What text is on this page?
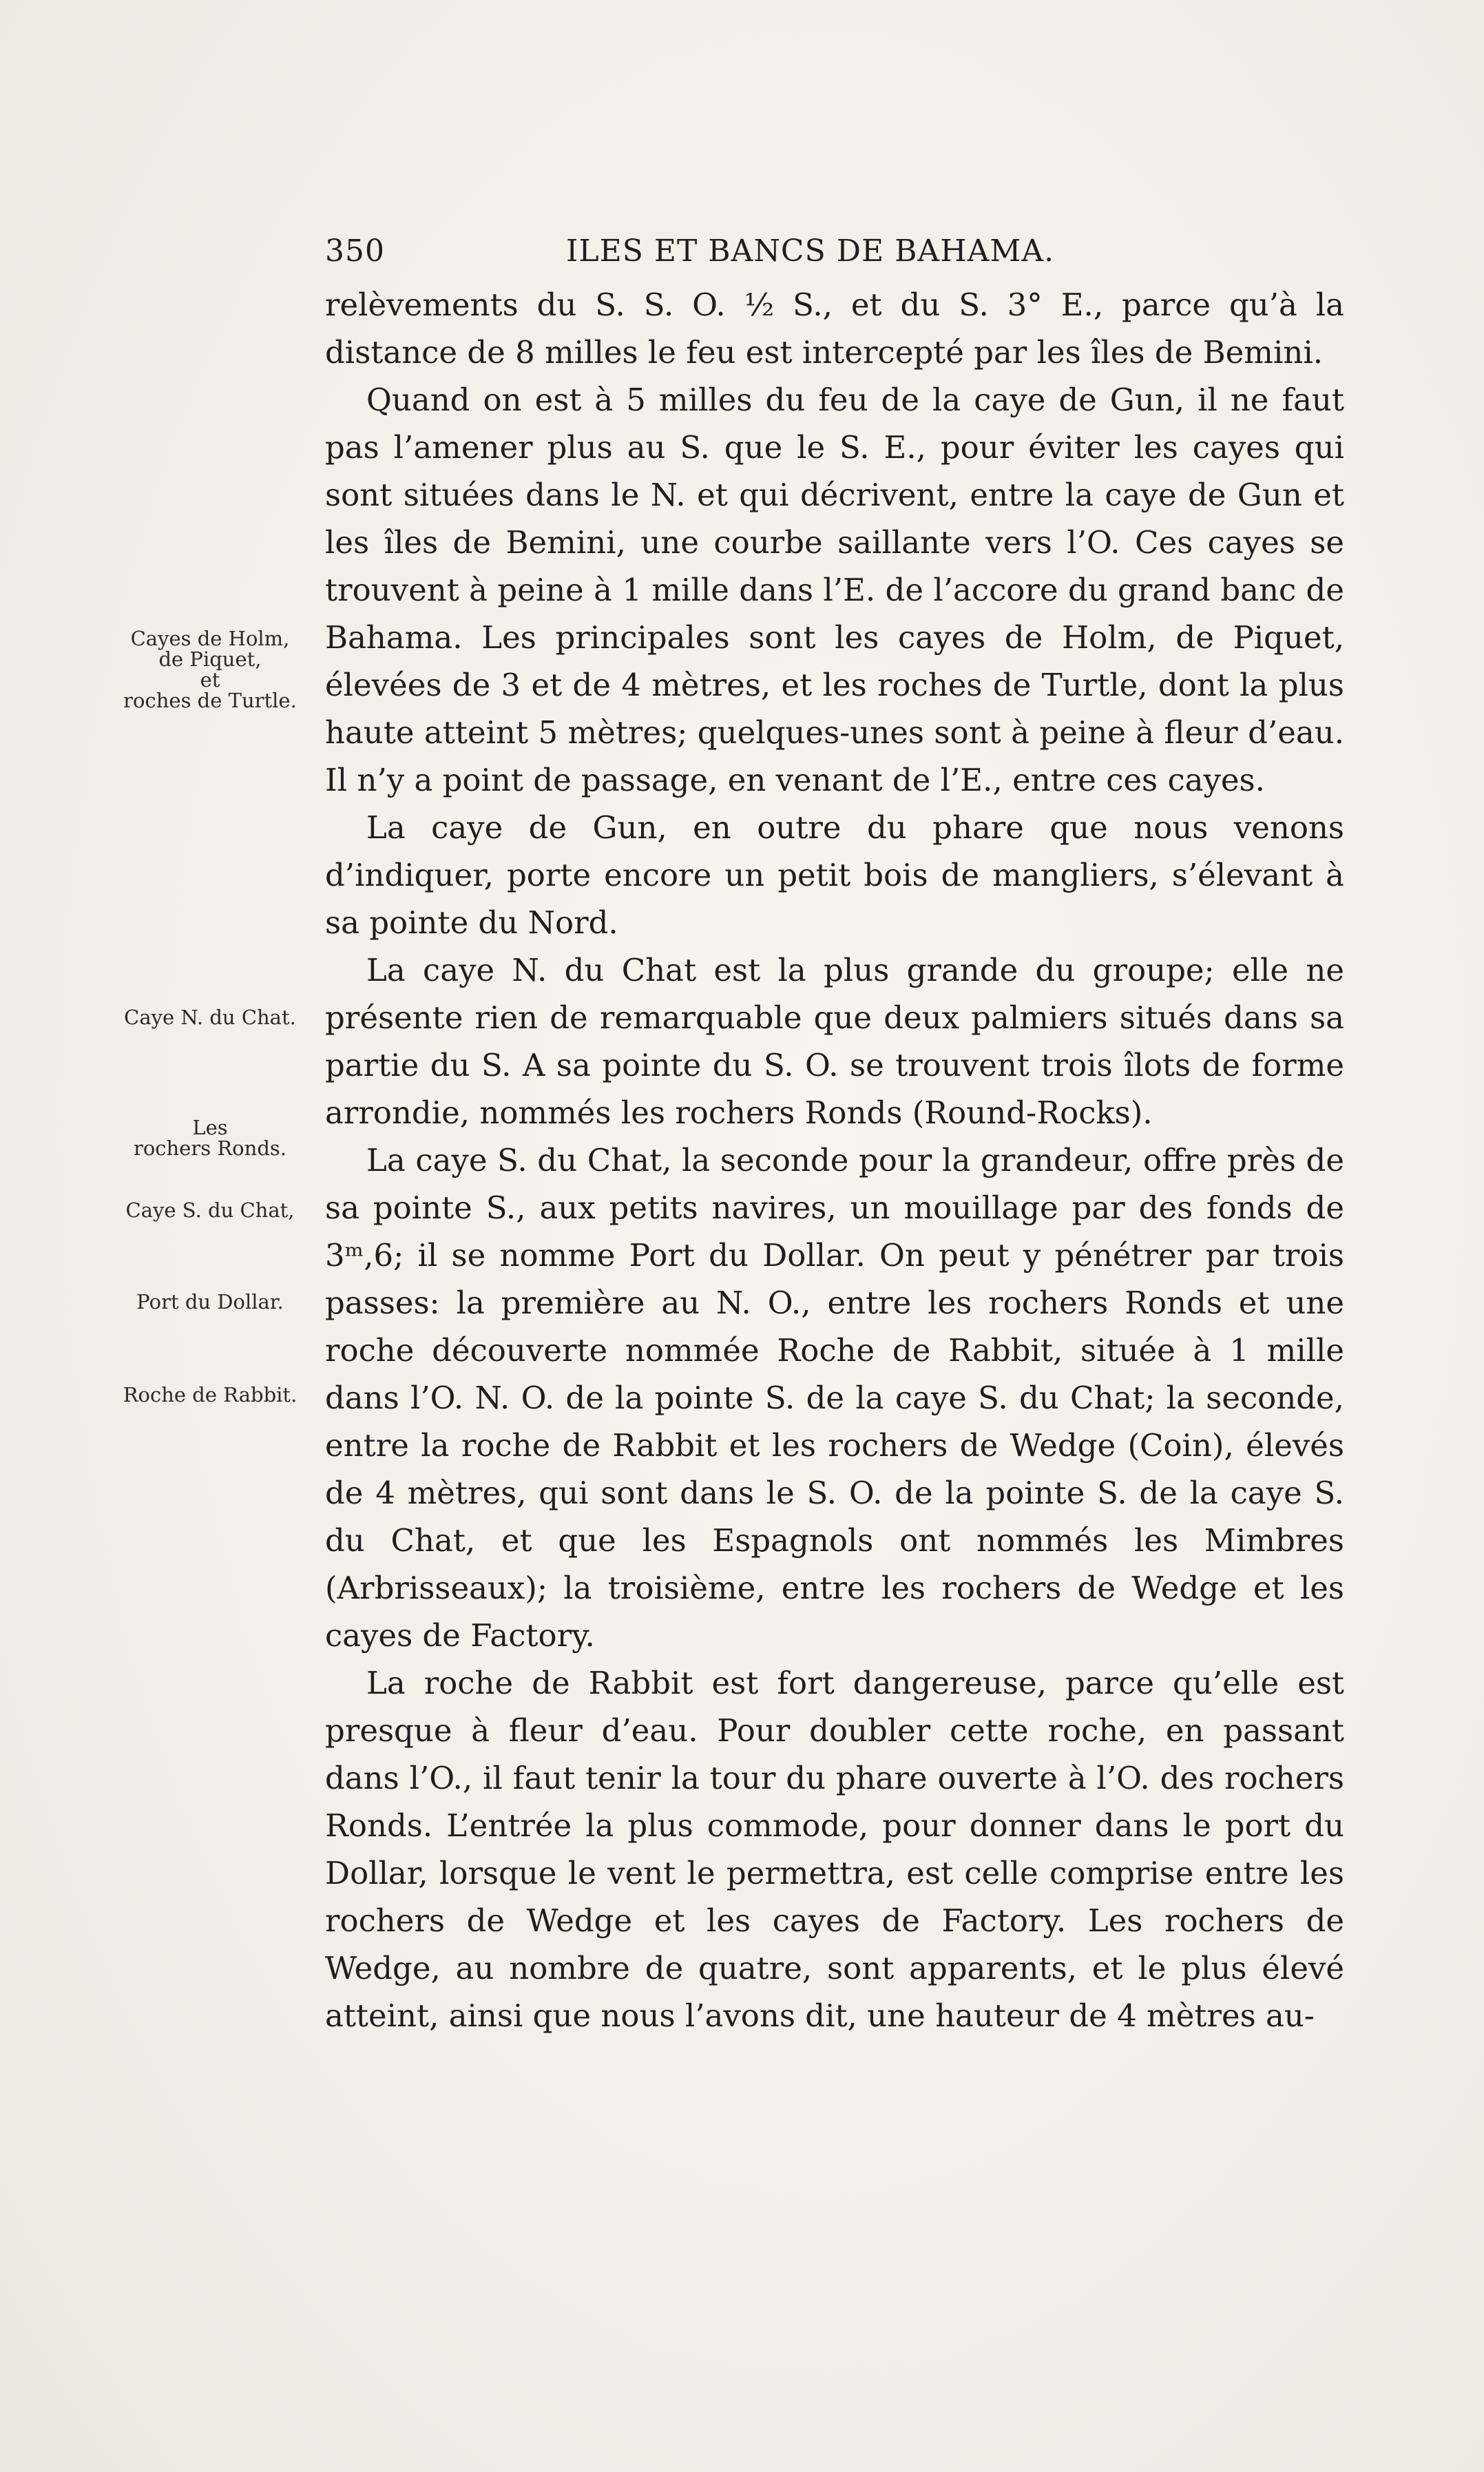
350	ILES ET BANCS DE BAHAMA.

relèvements du S. S. O. ½ S., et du S. 3° E., parce qu’à la distance de 8 milles le feu est intercepté par les îles de Bemini.

Quand on est à 5 milles du feu de la caye de Gun, il ne faut pas l’amener plus au S. que le S. E., pour éviter les cayes qui sont situées dans le N. et qui décrivent, entre la caye de Gun et les îles de Bemini, une courbe saillante vers l’O. Ces cayes se trouvent à peine à 1 mille dans l’E. de l’accore du grand banc de Bahama. Les principales sont les cayes de Holm, de Piquet, élevées de 3 et de 4 mètres, et les roches de Turtle, dont la plus haute atteint 5 mètres; quelques-unes sont à peine à fleur d’eau. Il n’y a point de passage, en venant de l’E., entre ces cayes.

La caye de Gun, en outre du phare que nous venons d’indiquer, porte encore un petit bois de mangliers, s’élevant à sa pointe du Nord.

La caye N. du Chat est la plus grande du groupe; elle ne présente rien de remarquable que deux palmiers situés dans sa partie du S. A sa pointe du S. O. se trouvent trois îlots de forme arrondie, nommés les rochers Ronds (Round-Rocks).

La caye S. du Chat, la seconde pour la grandeur, offre près de sa pointe S., aux petits navires, un mouillage par des fonds de 3ᵐ,6; il se nomme Port du Dollar. On peut y pénétrer par trois passes: la première au N. O., entre les rochers Ronds et une roche découverte nommée Roche de Rabbit, située à 1 mille dans l’O. N. O. de la pointe S. de la caye S. du Chat; la seconde, entre la roche de Rabbit et les rochers de Wedge (Coin), élevés de 4 mètres, qui sont dans le S. O. de la pointe S. de la caye S. du Chat, et que les Espagnols ont nommés les Mimbres (Arbrisseaux); la troisième, entre les rochers de Wedge et les cayes de Factory.

La roche de Rabbit est fort dangereuse, parce qu’elle est presque à fleur d’eau. Pour doubler cette roche, en passant dans l’O., il faut tenir la tour du phare ouverte à l’O. des rochers Ronds. L’entrée la plus commode, pour donner dans le port du Dollar, lorsque le vent le permettra, est celle comprise entre les rochers de Wedge et les cayes de Factory. Les rochers de Wedge, au nombre de quatre, sont apparents, et le plus élevé atteint, ainsi que nous l’avons dit, une hauteur de 4 mètres au-

Cayes de Holm,
de Piquet,
et
roches de Turtle.
Caye N. du Chat.
Les
rochers Ronds.
Caye S. du Chat,
Port du Dollar.
Roche de Rabbit.
